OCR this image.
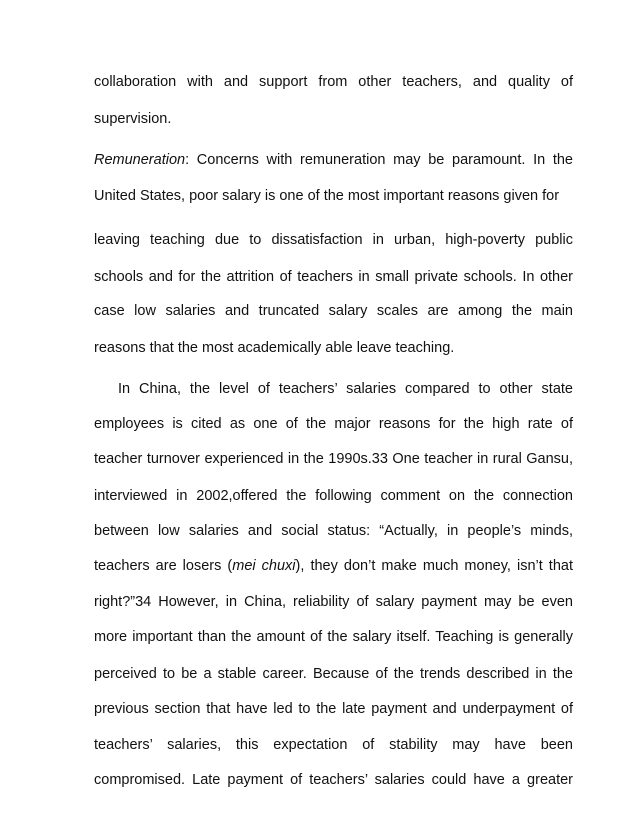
collaboration with and support from other teachers, and quality of
supervision.
Remuneration: Concerns with remuneration may be paramount. In the
United States, poor salary is one of the most important reasons given for
leaving teaching due to dissatisfaction in urban, high-poverty public
schools and for the attrition of teachers in small private schools. In other
case low salaries and truncated salary scales are among the main
reasons that the most academically able leave teaching.
In China, the level of teachers’ salaries compared to other state
employees is cited as one of the major reasons for the high rate of
teacher turnover experienced in the 1990s.33 One teacher in rural Gansu,
interviewed in 2002,offered the following comment on the connection
between low salaries and social status: “Actually, in people’s minds,
teachers are losers (mei chuxi), they don’t make much money, isn’t that
right?”34 However, in China, reliability of salary payment may be even
more important than the amount of the salary itself. Teaching is generally
perceived to be a stable career. Because of the trends described in the
previous section that have led to the late payment and underpayment of
teachers’ salaries, this expectation of stability may have been
compromised. Late payment of teachers’ salaries could have a greater
